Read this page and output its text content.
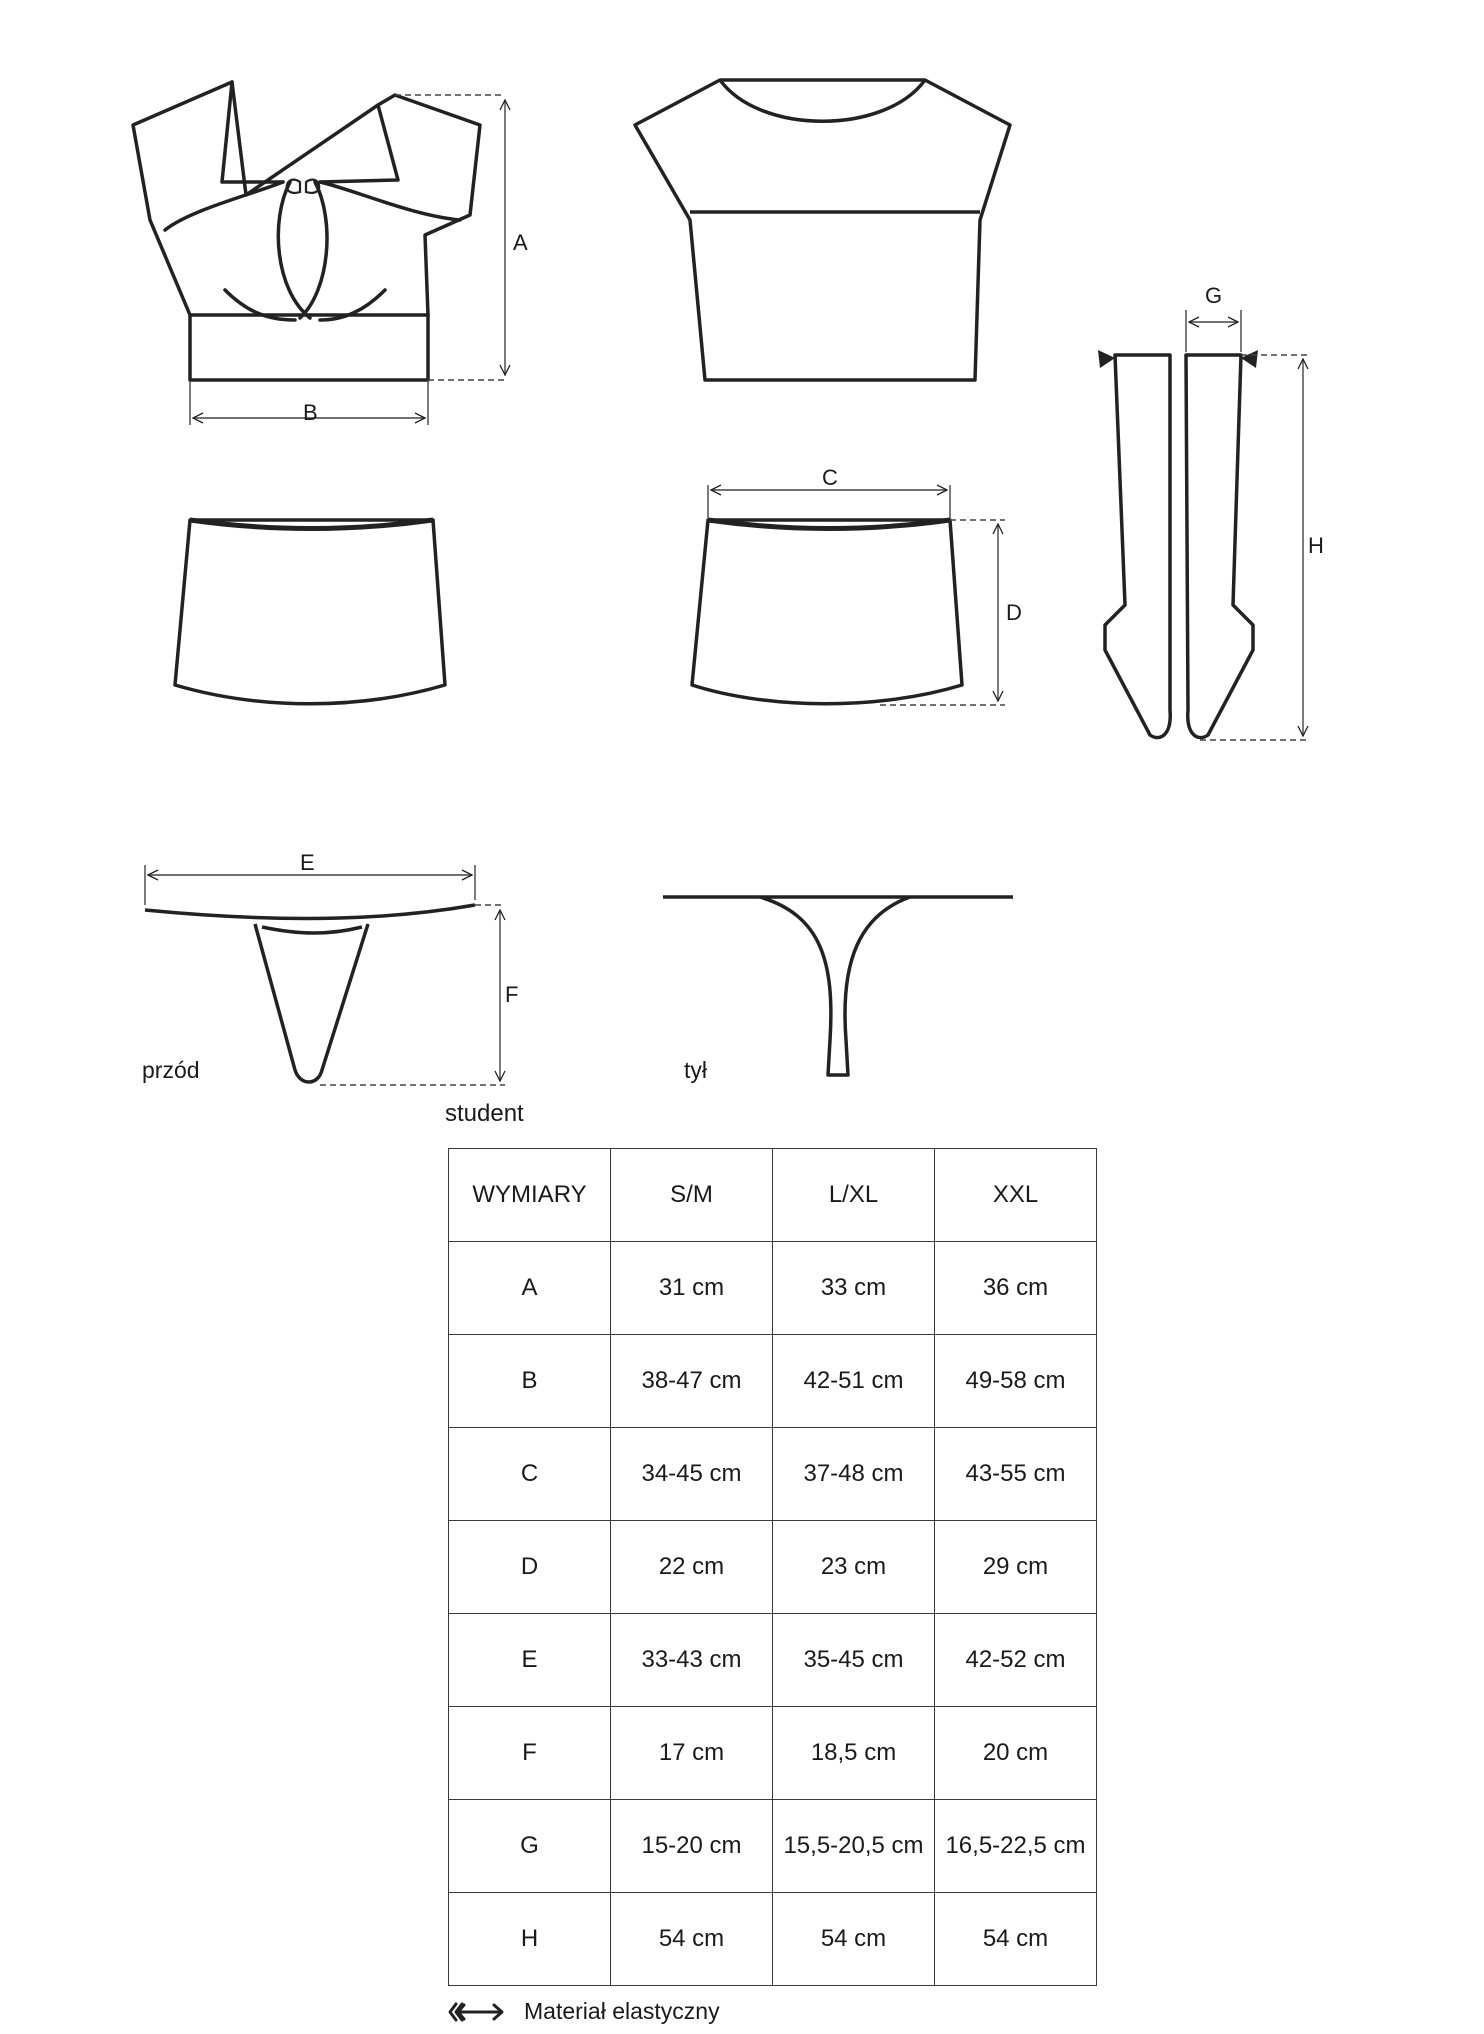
A
B
C
D
E
F
G
H
przód	tył
student
WYMIARY	S/M	L/XL	XXL
A	31 cm	33 cm	36 cm
B	38-47 cm	42-51 cm	49-58 cm
C	34-45 cm	37-48 cm	43-55 cm
D	22 cm	23 cm	29 cm
E	33-43 cm	35-45 cm	42-52 cm
F	17 cm	18,5 cm	20 cm
G	15-20 cm	15,5-20,5 cm	16,5-22,5 cm
H	54 cm	54 cm	54 cm
Materiał elastyczny
